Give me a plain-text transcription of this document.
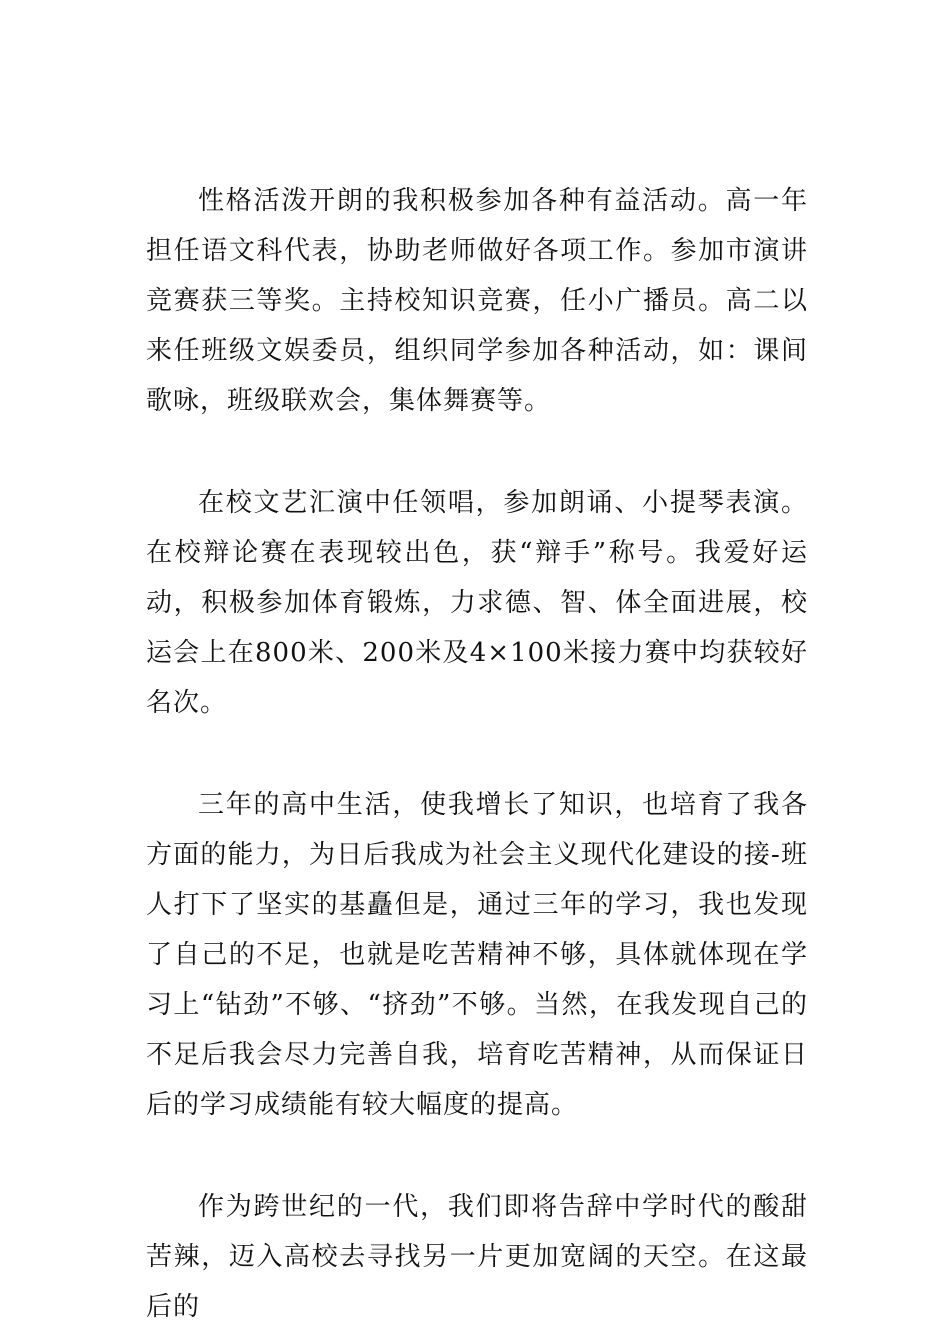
性格活泼开朗的我积极参加各种有益活动。高一年担任语文科代表，协助老师做好各项工作。参加市演讲竞赛获三等奖。主持校知识竞赛，任小广播员。高二以来任班级文娱委员，组织同学参加各种活动，如：课间歌咏，班级联欢会，集体舞赛等。

在校文艺汇演中任领唱，参加朗诵、小提琴表演。在校辩论赛在表现较出色，获“辩手”称号。我爱好运动，积极参加体育锻炼，力求德、智、体全面进展，校运会上在800米、200米及4×100米接力赛中均获较好名次。

三年的高中生活，使我增长了知识，也培育了我各方面的能力，为日后我成为社会主义现代化建设的接-班人打下了坚实的基矗但是，通过三年的学习，我也发现了自己的不足，也就是吃苦精神不够，具体就体现在学习上“钻劲”不够、“挤劲”不够。当然，在我发现自己的不足后我会尽力完善自我，培育吃苦精神，从而保证日后的学习成绩能有较大幅度的提高。

作为跨世纪的一代，我们即将告辞中学时代的酸甜苦辣，迈入高校去寻找另一片更加宽阔的天空。在这最后的
